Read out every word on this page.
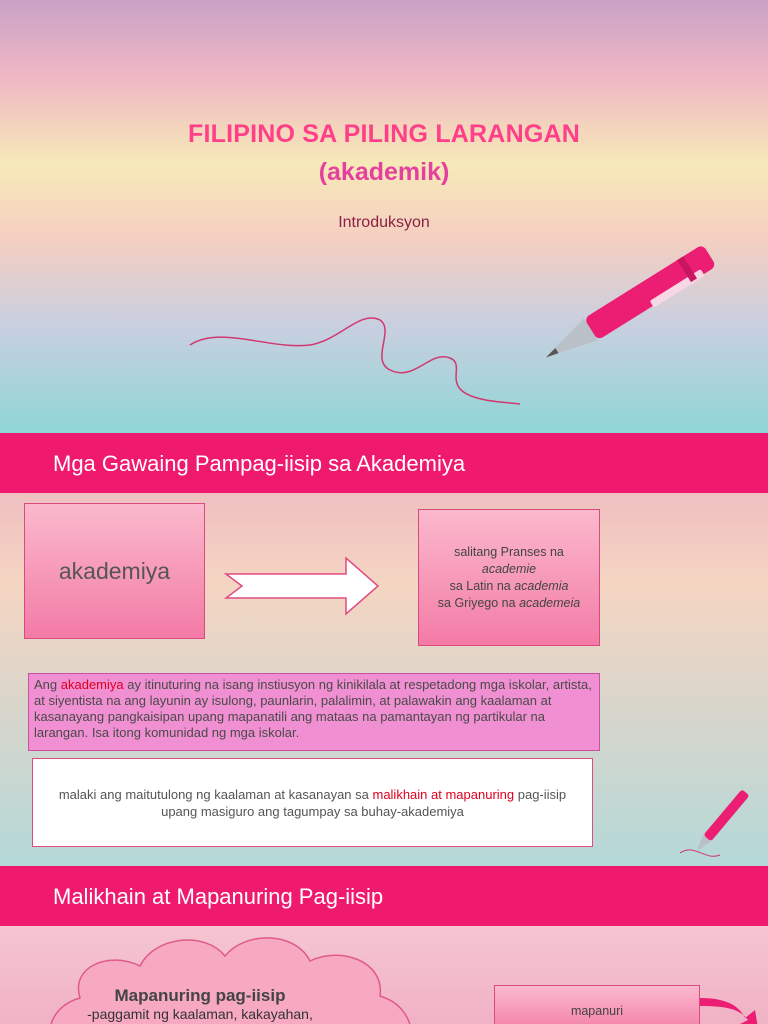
FILIPINO SA PILING LARANGAN
(akademik)
Introduksyon
Mga Gawaing Pampag-iisip sa Akademiya
akademiya
salitang Pranses na
academie
sa Latin na academia
sa Griyego na academeia
Ang akademiya ay itinuturing na isang instiusyon ng kinikilala at respetadong mga iskolar, artista, at siyentista na ang layunin ay isulong, paunlarin, palalimin, at palawakin ang kaalaman at kasanayang pangkaisipan upang mapanatili ang mataas na pamantayan ng partikular na larangan. Isa itong komunidad ng mga iskolar.
malaki ang maitutulong ng kaalaman at kasanayan sa malikhain at mapanuring pag-iisip upang masiguro ang tagumpay sa buhay-akademiya
Malikhain at Mapanuring Pag-iisip
Mapanuring pag-iisip
-paggamit ng kaalaman, kakayahan,	mapanuri
